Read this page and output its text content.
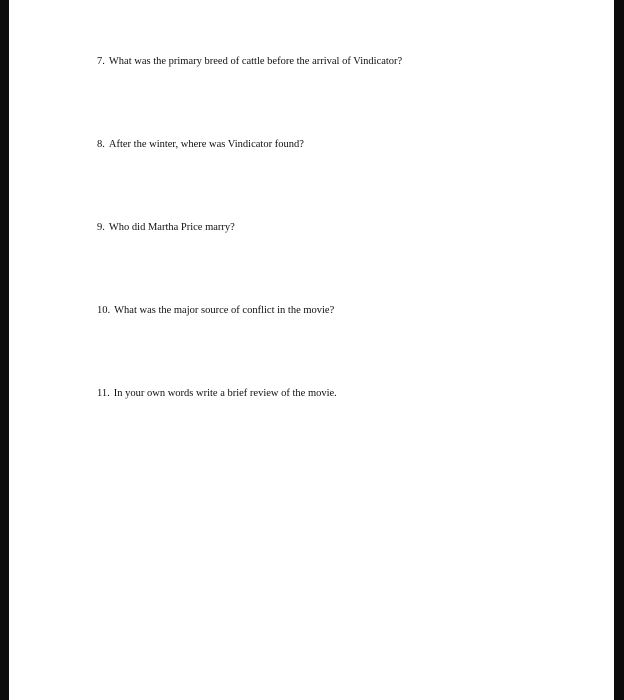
7. What was the primary breed of cattle before the arrival of Vindicator?

8. After the winter, where was Vindicator found?

9. Who did Martha Price marry?

10. What was the major source of conflict in the movie?

11. In your own words write a brief review of the movie.
